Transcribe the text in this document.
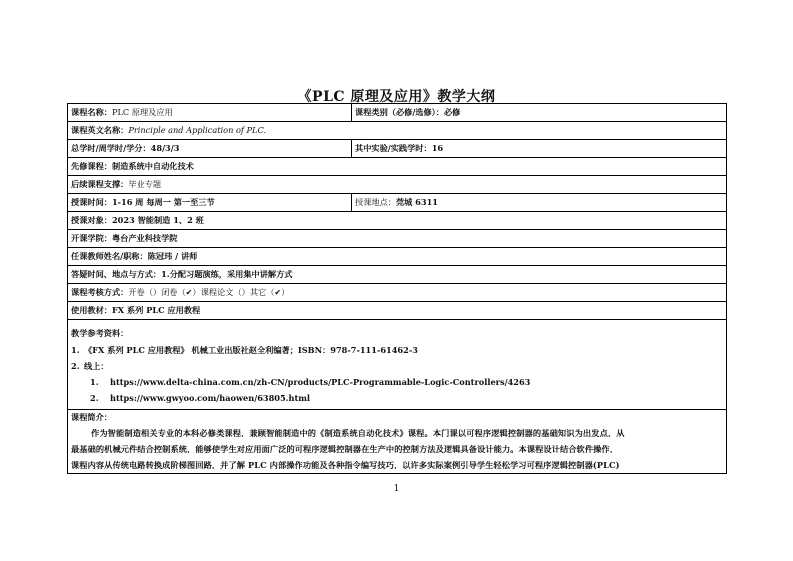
《PLC 原理及应用》教学大纲
课程名称： PLC 原理及应用	课程类别（必修/选修）： 必修
课程英文名称： Principle and Application of PLC.
总学时/周学时/学分： 48/3/3	其中实验/实践学时： 16
先修课程： 制造系统中自动化技术
后续课程支撑： 毕业专题
授课时间： 1-16 周 每周一 第一至三节	授课地点： 莞城 6311
授课对象： 2023 智能制造 1、2 班
开课学院： 粤台产业科技学院
任课教师姓名/职称： 陈冠玮 / 讲师
答疑时间、地点与方式： 1.分配习题演练，采用集中讲解方式
课程考核方式： 开卷（）闭卷（✔）课程论文（）其它（✔）
使用教材： FX 系列 PLC 应用教程
教学参考资料：
1. 《FX 系列 PLC 应用教程》 机械工业出版社赵全利编著；ISBN：978-7-111-61462-3
2. 线上：
1. https://www.delta-china.com.cn/zh-CN/products/PLC-Programmable-Logic-Controllers/4263
2. https://www.gwyoo.com/haowen/63805.html
课程简介：
作为智能制造相关专业的本科必修类课程，兼顾智能制造中的《制造系统自动化技术》课程。本门课以可程序逻辑控制器的基础知识为出发点，从
最基础的机械元件结合控制系统，能够使学生对应用面广泛的可程序逻辑控制器在生产中的控制方法及逻辑具备设计能力。本课程设计结合软件操作，
课程内容从传统电路转换成阶梯图回路，并了解 PLC 内部操作功能及各种指令编写技巧，以许多实际案例引导学生轻松学习可程序逻辑控制器(PLC)
1
